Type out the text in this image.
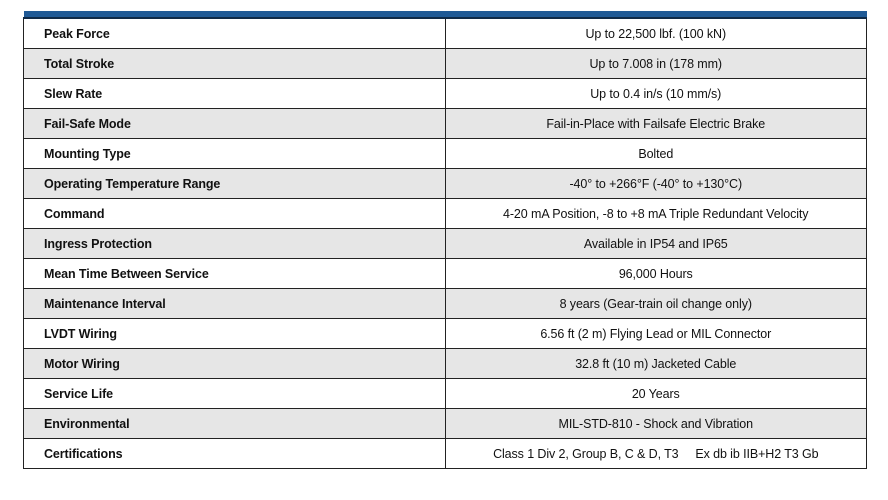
Peak Force	Up to 22,500 lbf. (100 kN)
Total Stroke	Up to 7.008 in (178 mm)
Slew Rate	Up to 0.4 in/s (10 mm/s)
Fail-Safe Mode	Fail-in-Place with Failsafe Electric Brake
Mounting Type	Bolted
Operating Temperature Range	-40° to +266°F (-40° to +130°C)
Command	4-20 mA Position, -8 to +8 mA Triple Redundant Velocity
Ingress Protection	Available in IP54 and IP65
Mean Time Between Service	96,000 Hours
Maintenance Interval	8 years (Gear-train oil change only)
LVDT Wiring	6.56 ft (2 m) Flying Lead or MIL Connector
Motor Wiring	32.8 ft (10 m) Jacketed Cable
Service Life	20 Years
Environmental	MIL-STD-810 - Shock and Vibration
Certifications	Class 1 Div 2, Group B, C & D, T3     Ex db ib IIB+H2 T3 Gb
